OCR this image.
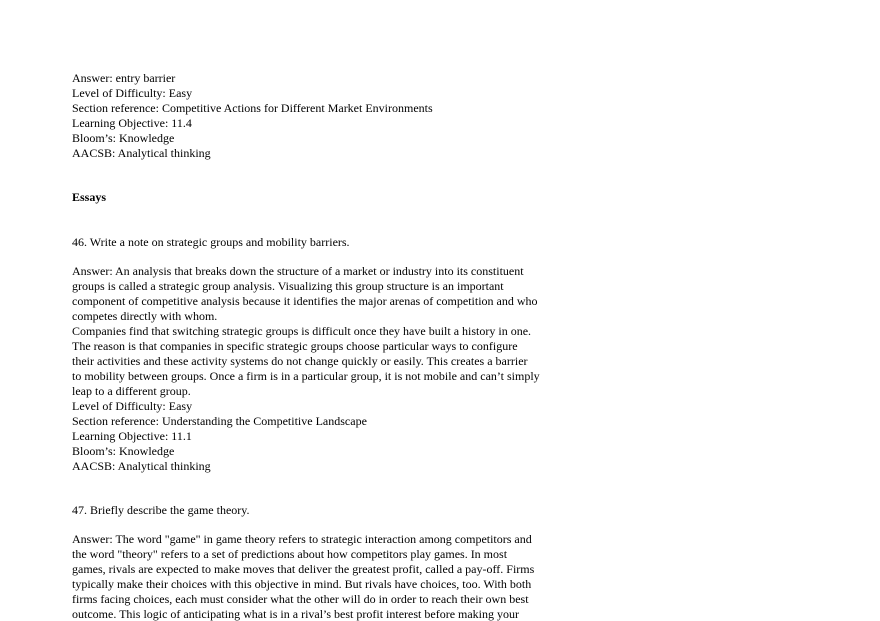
Answer: entry barrier
Level of Difficulty: Easy
Section reference: Competitive Actions for Different Market Environments
Learning Objective: 11.4
Bloom’s: Knowledge
AACSB: Analytical thinking
Essays
46. Write a note on strategic groups and mobility barriers.
Answer: An analysis that breaks down the structure of a market or industry into its constituent
groups is called a strategic group analysis. Visualizing this group structure is an important
component of competitive analysis because it identifies the major arenas of competition and who
competes directly with whom.
Companies find that switching strategic groups is difficult once they have built a history in one.
The reason is that companies in specific strategic groups choose particular ways to configure
their activities and these activity systems do not change quickly or easily. This creates a barrier
to mobility between groups. Once a firm is in a particular group, it is not mobile and can’t simply
leap to a different group.
Level of Difficulty: Easy
Section reference: Understanding the Competitive Landscape
Learning Objective: 11.1
Bloom’s: Knowledge
AACSB: Analytical thinking
47. Briefly describe the game theory.
Answer: The word "game" in game theory refers to strategic interaction among competitors and
the word "theory" refers to a set of predictions about how competitors play games. In most
games, rivals are expected to make moves that deliver the greatest profit, called a pay-off. Firms
typically make their choices with this objective in mind. But rivals have choices, too. With both
firms facing choices, each must consider what the other will do in order to reach their own best
outcome. This logic of anticipating what is in a rival’s best profit interest before making your
